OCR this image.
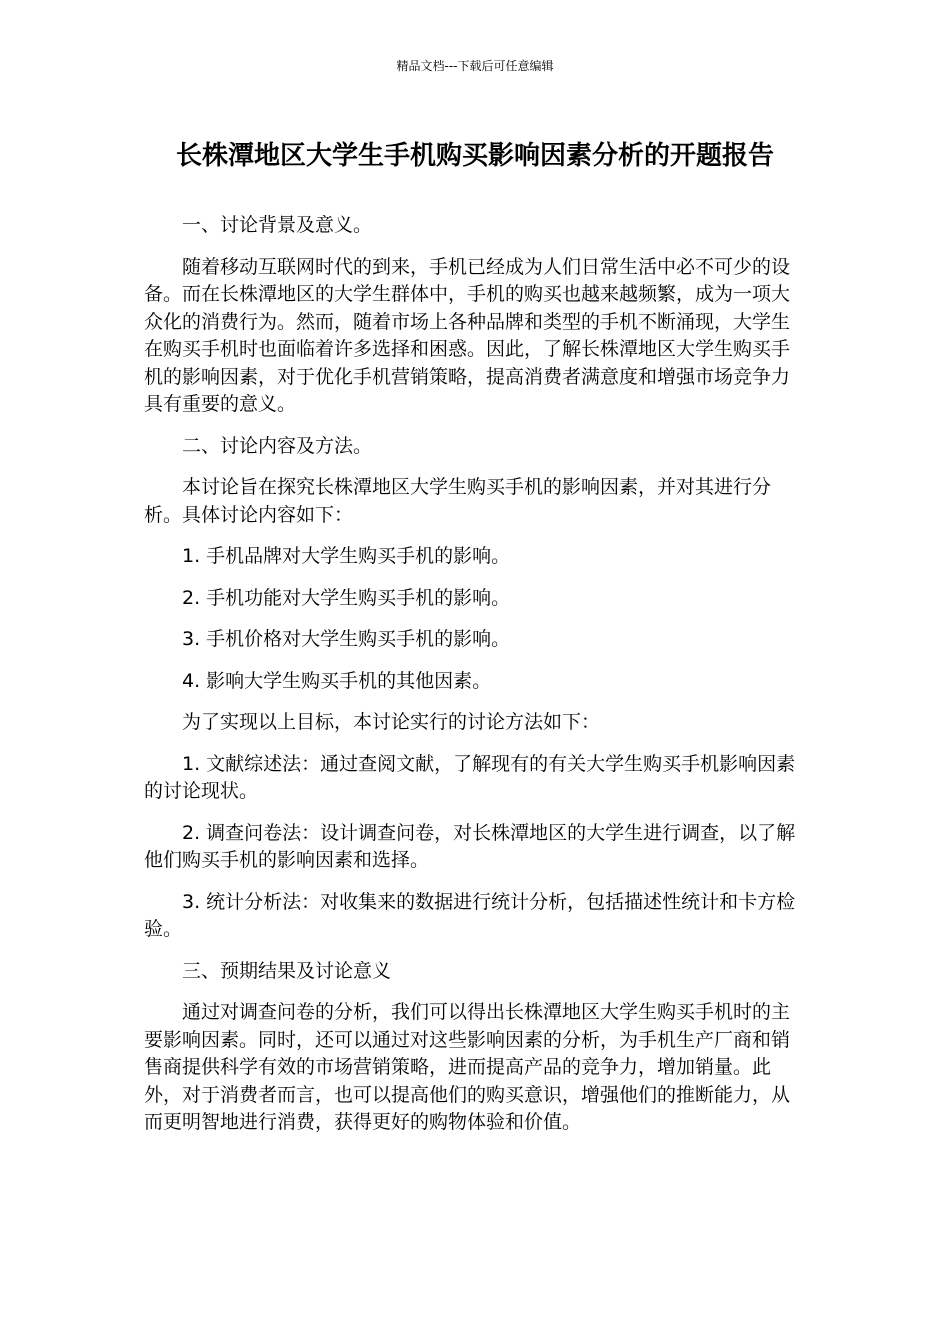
精品文档---下载后可任意编辑
长株潭地区大学生手机购买影响因素分析的开题报告

一、讨论背景及意义。

随着移动互联网时代的到来，手机已经成为人们日常生活中必不可少的设备。而在长株潭地区的大学生群体中，手机的购买也越来越频繁，成为一项大众化的消费行为。然而，随着市场上各种品牌和类型的手机不断涌现，大学生在购买手机时也面临着许多选择和困惑。因此，了解长株潭地区大学生购买手机的影响因素，对于优化手机营销策略，提高消费者满意度和增强市场竞争力具有重要的意义。

二、讨论内容及方法。

本讨论旨在探究长株潭地区大学生购买手机的影响因素，并对其进行分析。具体讨论内容如下：

1. 手机品牌对大学生购买手机的影响。

2. 手机功能对大学生购买手机的影响。

3. 手机价格对大学生购买手机的影响。

4. 影响大学生购买手机的其他因素。

为了实现以上目标，本讨论实行的讨论方法如下：

1. 文献综述法：通过查阅文献，了解现有的有关大学生购买手机影响因素的讨论现状。

2. 调查问卷法：设计调查问卷，对长株潭地区的大学生进行调查，以了解他们购买手机的影响因素和选择。

3. 统计分析法：对收集来的数据进行统计分析，包括描述性统计和卡方检验。

三、预期结果及讨论意义

通过对调查问卷的分析，我们可以得出长株潭地区大学生购买手机时的主要影响因素。同时，还可以通过对这些影响因素的分析，为手机生产厂商和销售商提供科学有效的市场营销策略，进而提高产品的竞争力，增加销量。此外，对于消费者而言，也可以提高他们的购买意识，增强他们的推断能力，从而更明智地进行消费，获得更好的购物体验和价值。
